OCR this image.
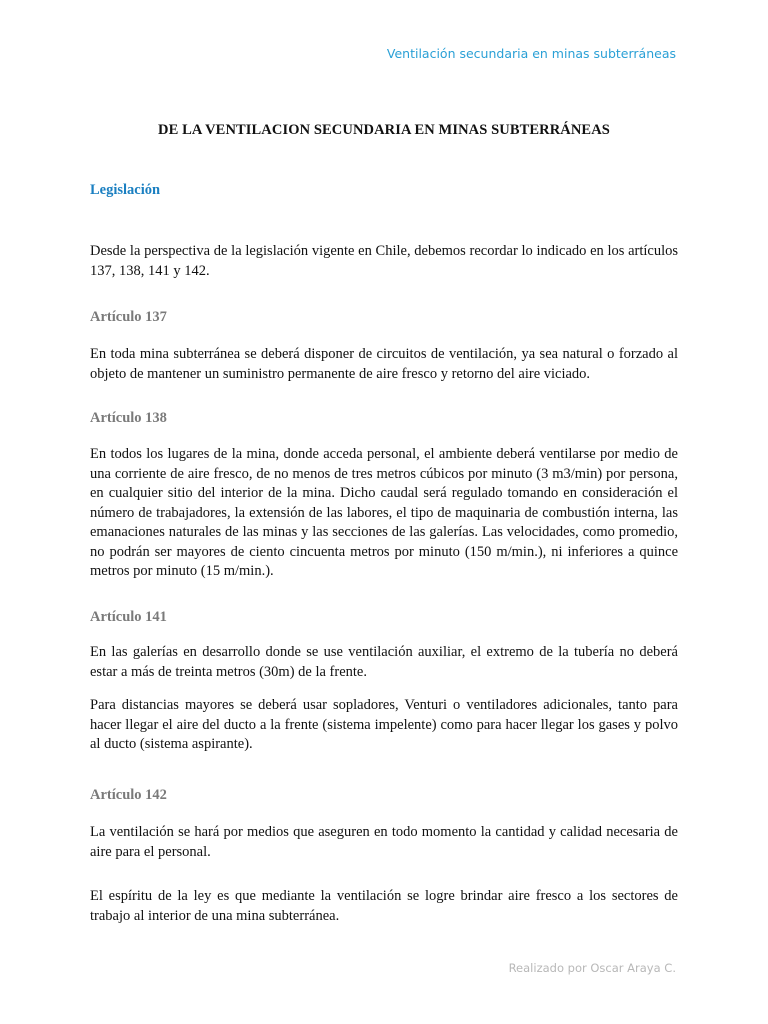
Ventilación secundaria en minas subterráneas
DE LA VENTILACION SECUNDARIA EN MINAS SUBTERRÁNEAS
Legislación

Desde la perspectiva de la legislación vigente en Chile, debemos recordar lo indicado en los artículos 137, 138, 141 y 142.

Artículo 137

En toda mina subterránea se deberá disponer de circuitos de ventilación, ya sea natural o forzado al objeto de mantener un suministro permanente de aire fresco y retorno del aire viciado.

Artículo 138

En todos los lugares de la mina, donde acceda personal, el ambiente deberá ventilarse por medio de una corriente de aire fresco, de no menos de tres metros cúbicos por minuto (3 m3/min) por persona, en cualquier sitio del interior de la mina. Dicho caudal será regulado tomando en consideración el número de trabajadores, la extensión de las labores, el tipo de maquinaria de combustión interna, las emanaciones naturales de las minas y las secciones de las galerías. Las velocidades, como promedio, no podrán ser mayores de ciento cincuenta metros por minuto (150 m/min.), ni inferiores a quince metros por minuto (15 m/min.).

Artículo 141

En las galerías en desarrollo donde se use ventilación auxiliar, el extremo de la tubería no deberá estar a más de treinta metros (30m) de la frente.

Para distancias mayores se deberá usar sopladores, Venturi o ventiladores adicionales, tanto para hacer llegar el aire del ducto a la frente (sistema impelente) como para hacer llegar los gases y polvo al ducto (sistema aspirante).

Artículo 142

La ventilación se hará por medios que aseguren en todo momento la cantidad y calidad necesaria de aire para el personal.

El espíritu de la ley es que mediante la ventilación se logre brindar aire fresco a los sectores de trabajo al interior de una mina subterránea.

Realizado por Oscar Araya C.
